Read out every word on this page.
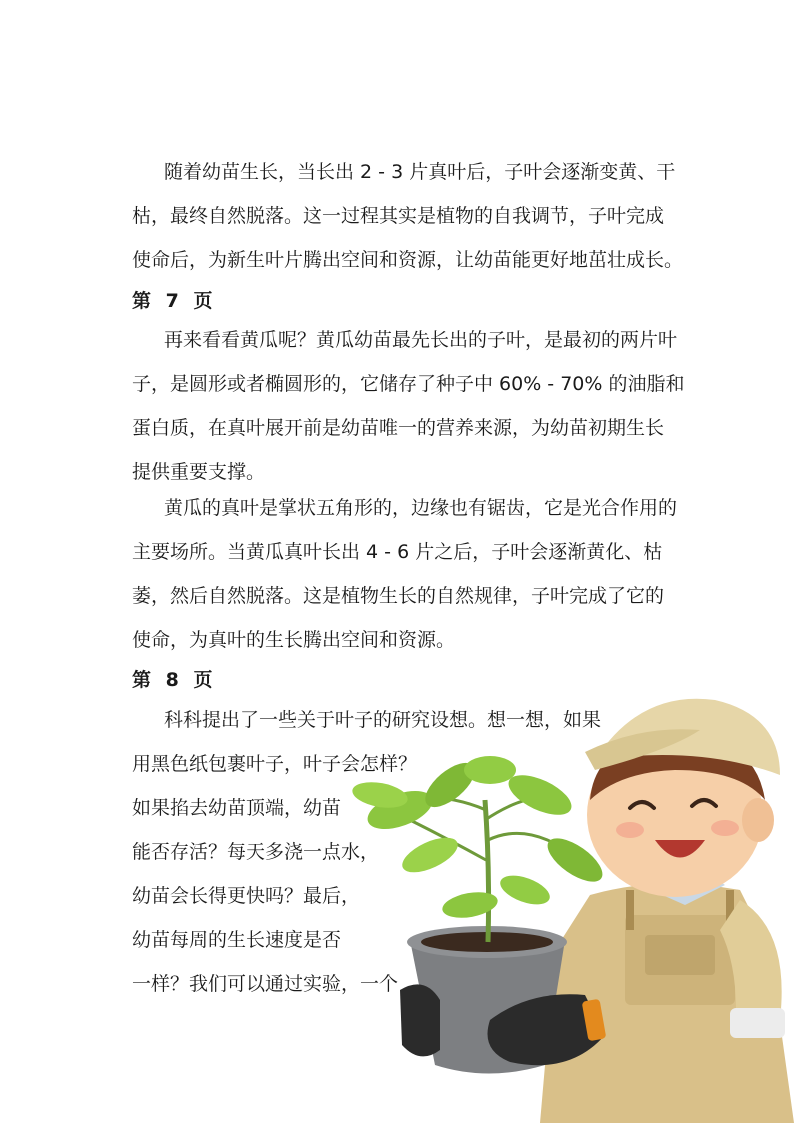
随着幼苗生长，当长出 2 - 3 片真叶后，子叶会逐渐变黄、干
枯，最终自然脱落。这一过程其实是植物的自我调节，子叶完成
使命后，为新生叶片腾出空间和资源，让幼苗能更好地茁壮成长。
第 7 页
再来看看黄瓜呢？黄瓜幼苗最先长出的子叶，是最初的两片叶
子，是圆形或者椭圆形的，它储存了种子中 60% - 70% 的油脂和
蛋白质，在真叶展开前是幼苗唯一的营养来源，为幼苗初期生长
提供重要支撑。
黄瓜的真叶是掌状五角形的，边缘也有锯齿，它是光合作用的
主要场所。当黄瓜真叶长出 4 - 6 片之后，子叶会逐渐黄化、枯
萎，然后自然脱落。这是植物生长的自然规律，子叶完成了它的
使命，为真叶的生长腾出空间和资源。
第 8 页
科科提出了一些关于叶子的研究设想。想一想，如果
用黑色纸包裹叶子，叶子会怎样？
如果掐去幼苗顶端，幼苗
能否存活？每天多浇一点水，
幼苗会长得更快吗？最后，
幼苗每周的生长速度是否
一样？我们可以通过实验，一个
